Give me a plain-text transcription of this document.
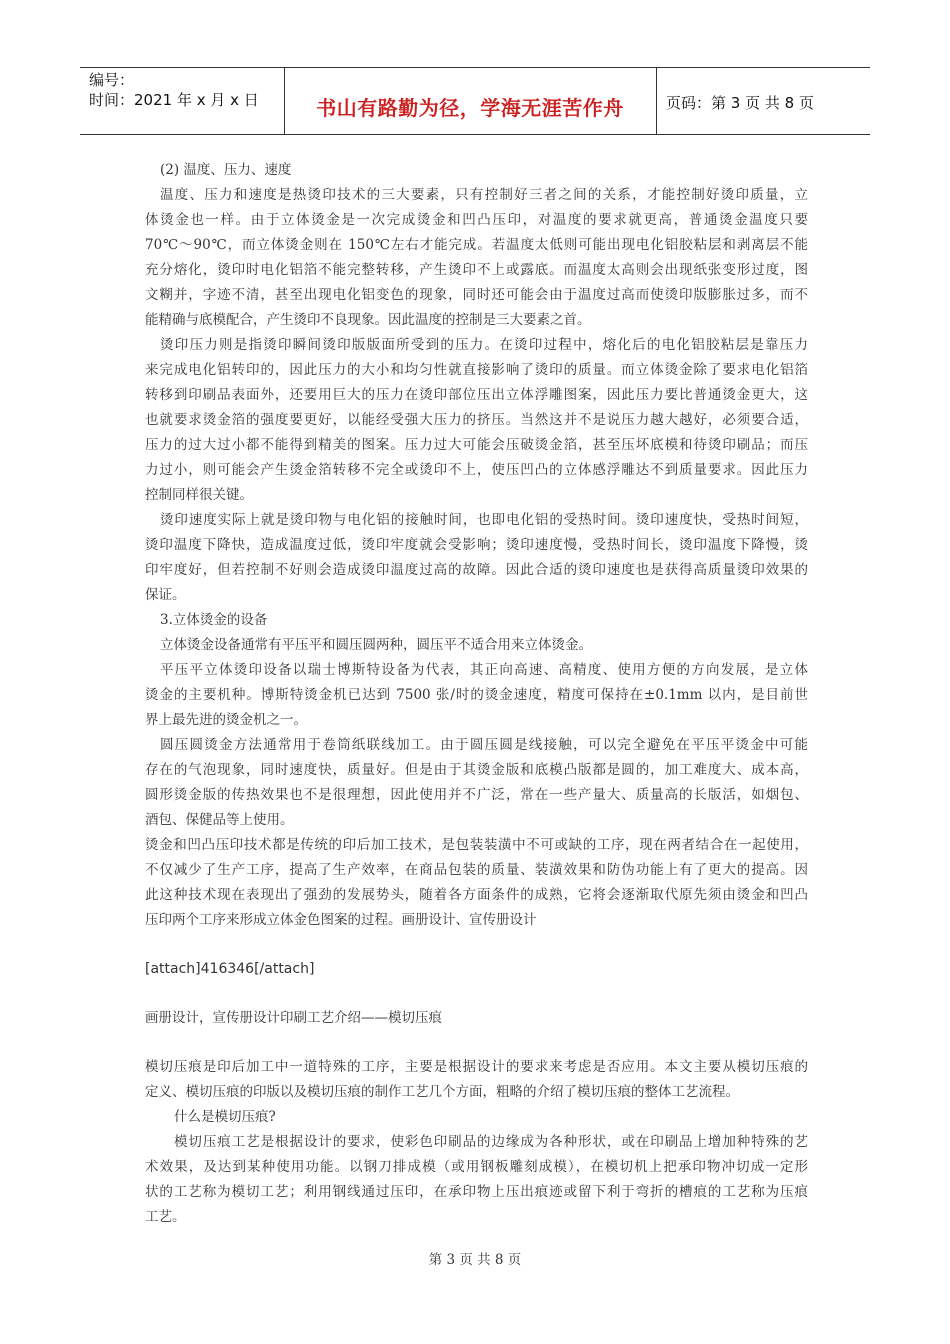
编号：
时间：2021 年 x 月 x 日	书山有路勤为径，学海无涯苦作舟	页码：第 3 页 共 8 页
(2) 温度、压力、速度
温度、压力和速度是热烫印技术的三大要素，只有控制好三者之间的关系，才能控制好烫印质量，立
体烫金也一样。由于立体烫金是一次完成烫金和凹凸压印，对温度的要求就更高，普通烫金温度只要
70℃～90℃，而立体烫金则在 150℃左右才能完成。若温度太低则可能出现电化铝胶粘层和剥离层不能
充分熔化，烫印时电化铝箔不能完整转移，产生烫印不上或露底。而温度太高则会出现纸张变形过度，图
文糊并，字迹不清，甚至出现电化铝变色的现象，同时还可能会由于温度过高而使烫印版膨胀过多，而不
能精确与底模配合，产生烫印不良现象。因此温度的控制是三大要素之首。
烫印压力则是指烫印瞬间烫印版版面所受到的压力。在烫印过程中，熔化后的电化铝胶粘层是靠压力
来完成电化铝转印的，因此压力的大小和均匀性就直接影响了烫印的质量。而立体烫金除了要求电化铝箔
转移到印刷品表面外，还要用巨大的压力在烫印部位压出立体浮雕图案，因此压力要比普通烫金更大，这
也就要求烫金箔的强度要更好，以能经受强大压力的挤压。当然这并不是说压力越大越好，必须要合适，
压力的过大过小都不能得到精美的图案。压力过大可能会压破烫金箔，甚至压坏底模和待烫印刷品；而压
力过小，则可能会产生烫金箔转移不完全或烫印不上，使压凹凸的立体感浮雕达不到质量要求。因此压力
控制同样很关键。
烫印速度实际上就是烫印物与电化铝的接触时间，也即电化铝的受热时间。烫印速度快，受热时间短，
烫印温度下降快，造成温度过低，烫印牢度就会受影响；烫印速度慢，受热时间长，烫印温度下降慢，烫
印牢度好，但若控制不好则会造成烫印温度过高的故障。因此合适的烫印速度也是获得高质量烫印效果的
保证。
3.立体烫金的设备
立体烫金设备通常有平压平和圆压圆两种，圆压平不适合用来立体烫金。
平压平立体烫印设备以瑞士博斯特设备为代表，其正向高速、高精度、使用方便的方向发展，是立体
烫金的主要机种。博斯特烫金机已达到 7500 张/时的烫金速度，精度可保持在±0.1mm 以内，是目前世
界上最先进的烫金机之一。
圆压圆烫金方法通常用于卷筒纸联线加工。由于圆压圆是线接触，可以完全避免在平压平烫金中可能
存在的气泡现象，同时速度快，质量好。但是由于其烫金版和底模凸版都是圆的，加工难度大、成本高，
圆形烫金版的传热效果也不是很理想，因此使用并不广泛，常在一些产量大、质量高的长版活，如烟包、
酒包、保健品等上使用。
烫金和凹凸压印技术都是传统的印后加工技术，是包装装潢中不可或缺的工序，现在两者结合在一起使用，
不仅减少了生产工序，提高了生产效率，在商品包装的质量、装潢效果和防伪功能上有了更大的提高。因
此这种技术现在表现出了强劲的发展势头，随着各方面条件的成熟，它将会逐渐取代原先须由烫金和凹凸
压印两个工序来形成立体金色图案的过程。画册设计、宣传册设计
[attach]416346[/attach]
画册设计，宣传册设计印刷工艺介绍——模切压痕
模切压痕是印后加工中一道特殊的工序，主要是根据设计的要求来考虑是否应用。本文主要从模切压痕的
定义、模切压痕的印版以及模切压痕的制作工艺几个方面，粗略的介绍了模切压痕的整体工艺流程。
什么是模切压痕?
模切压痕工艺是根据设计的要求，使彩色印刷品的边缘成为各种形状，或在印刷品上增加种特殊的艺
术效果，及达到某种使用功能。以钢刀排成模（或用钢板雕刻成模），在模切机上把承印物冲切成一定形
状的工艺称为模切工艺；利用钢线通过压印，在承印物上压出痕迹或留下利于弯折的槽痕的工艺称为压痕
工艺。
第 3 页 共 8 页
